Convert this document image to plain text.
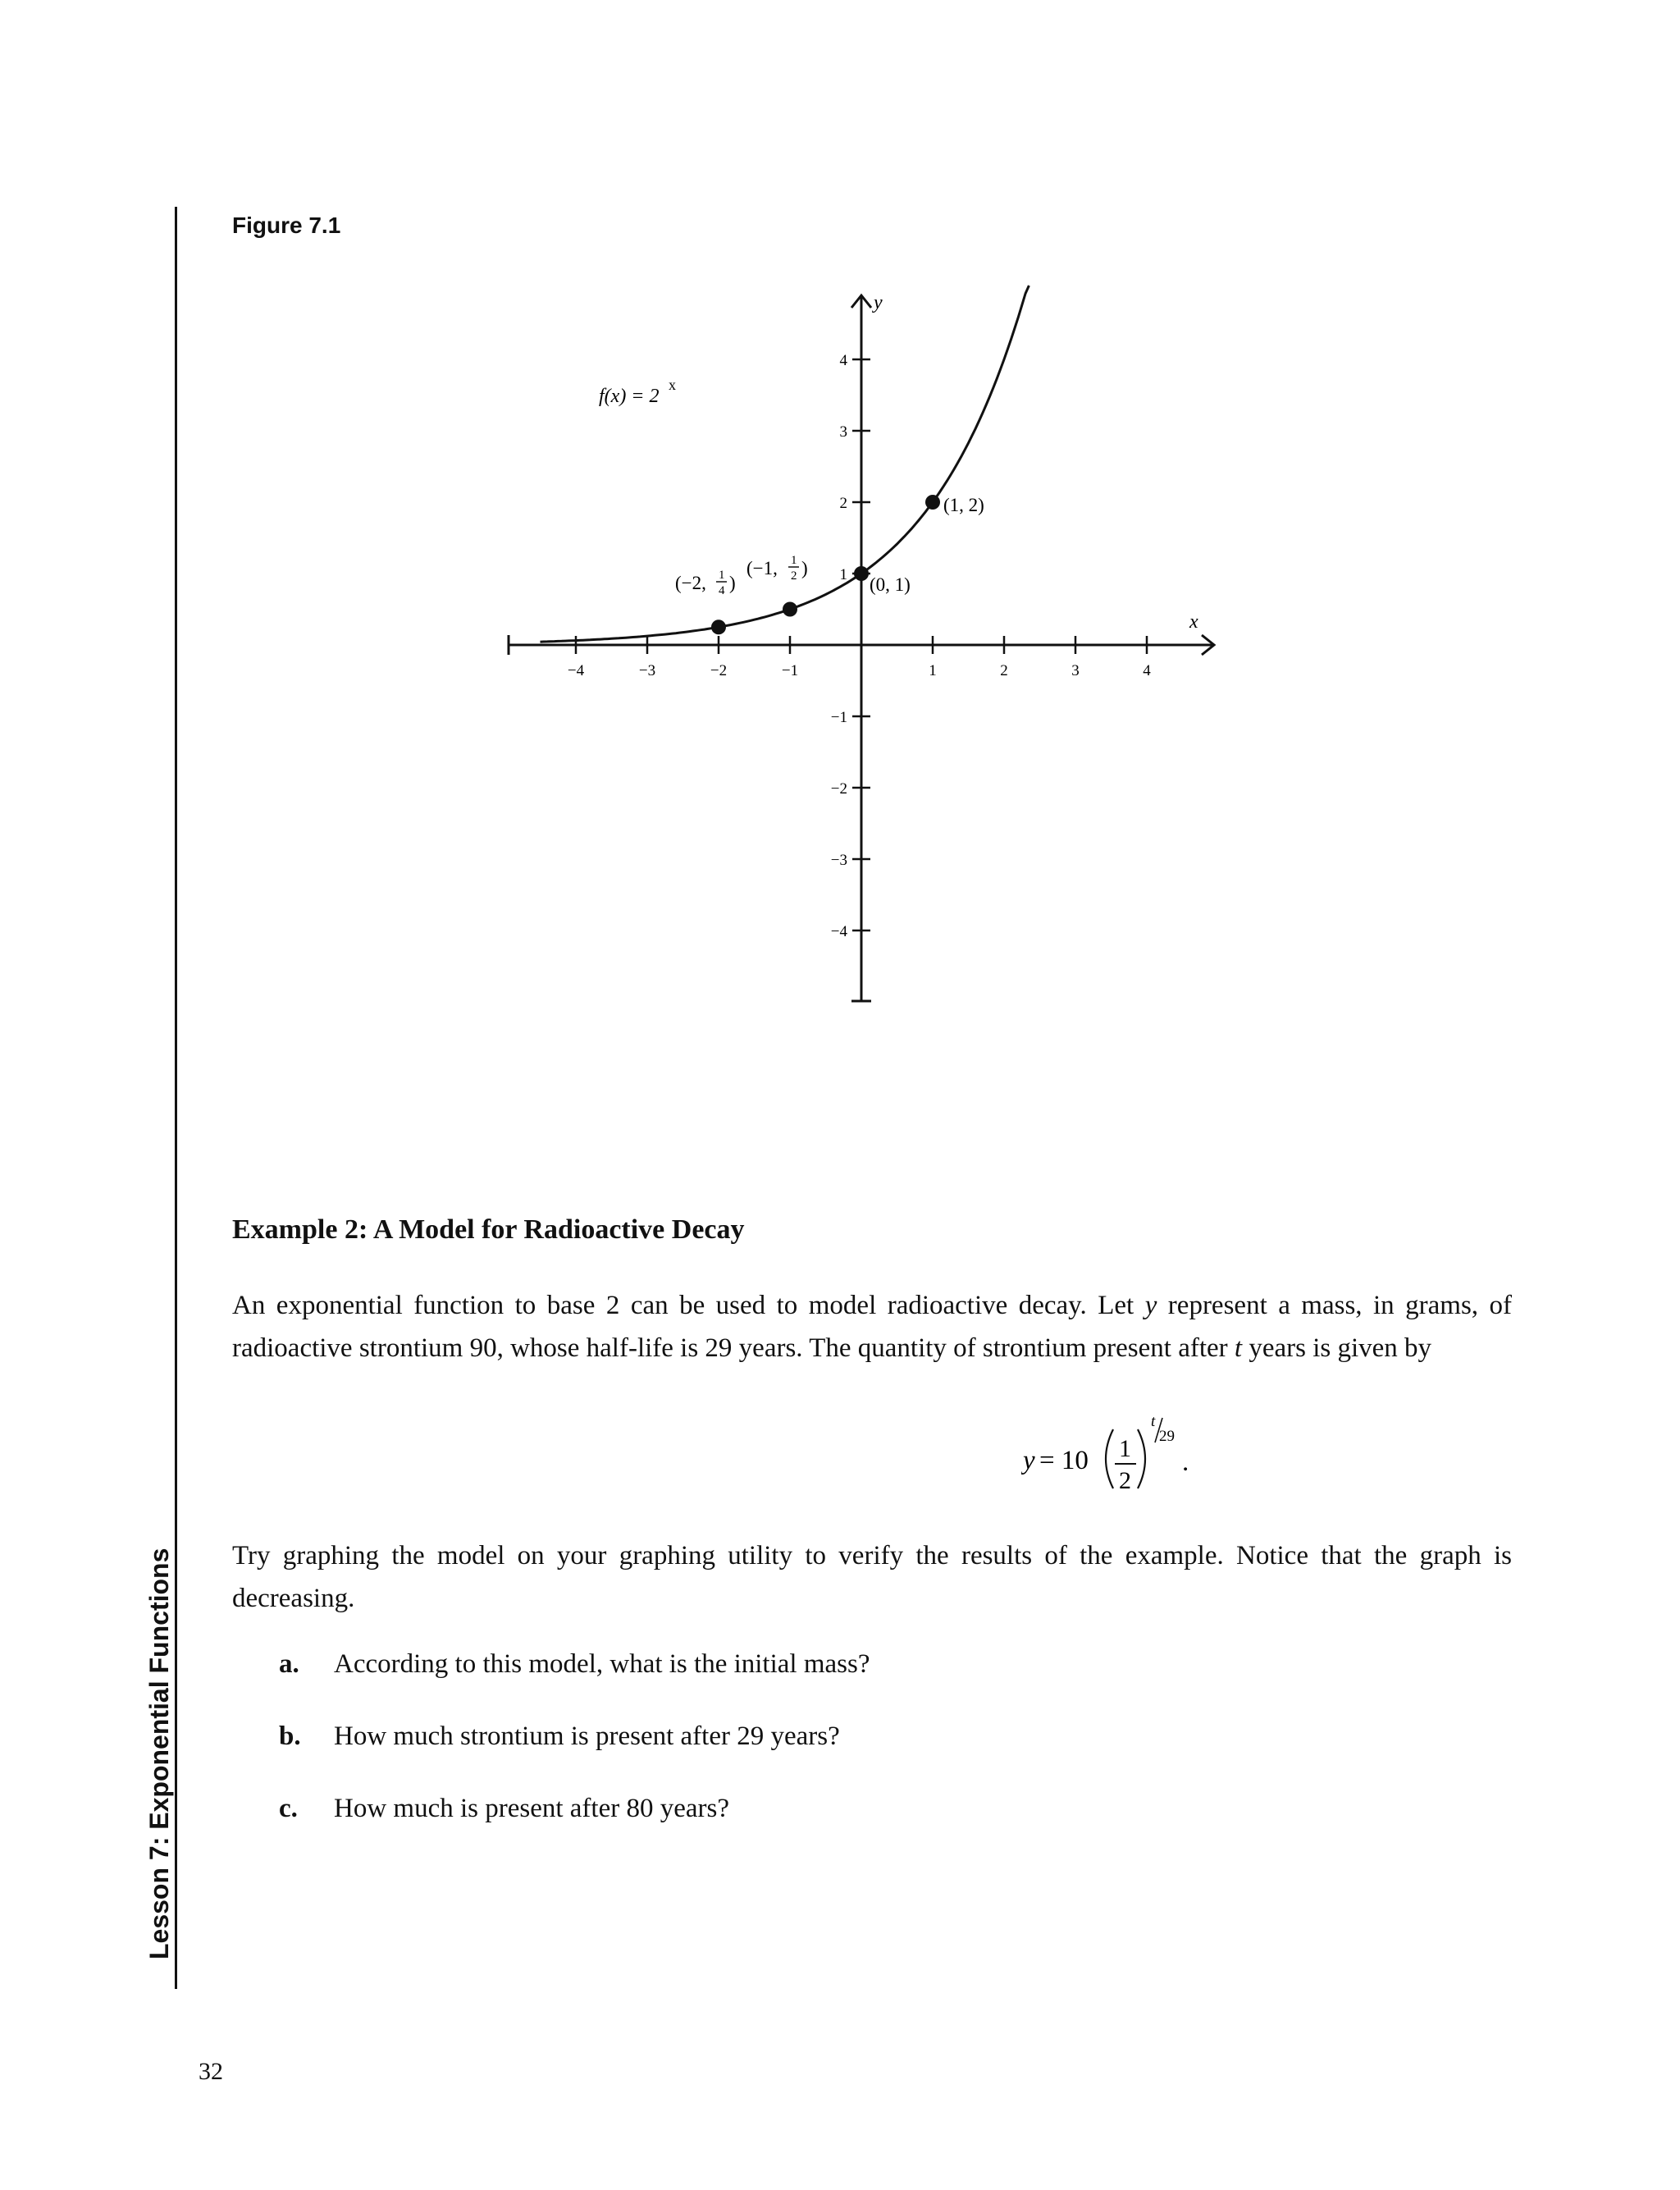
Lesson 7: Exponential Functions
32
Figure 7.1
x
y
−4	−3	−2	−1	1	2	3	4
−4
−3
−2
−1
1
2
3
4
f(x) = 2
x
(−2, 1
4 )
(−1, 1
2 )
(0, 1)
(1, 2)
Example 2: A Model for Radioactive Decay
An exponential function to base 2 can be used to model radioactive decay. Let y represent a mass, in grams, of radioactive strontium 90, whose half-life is 29 years. The quantity of strontium present after t years is given by
y = 10 1
2
t
29
.
Try graphing the model on your graphing utility to verify the results of the example. Notice that the graph is decreasing.
a.	According to this model, what is the initial mass?
b.	How much strontium is present after 29 years?
c.	How much is present after 80 years?
